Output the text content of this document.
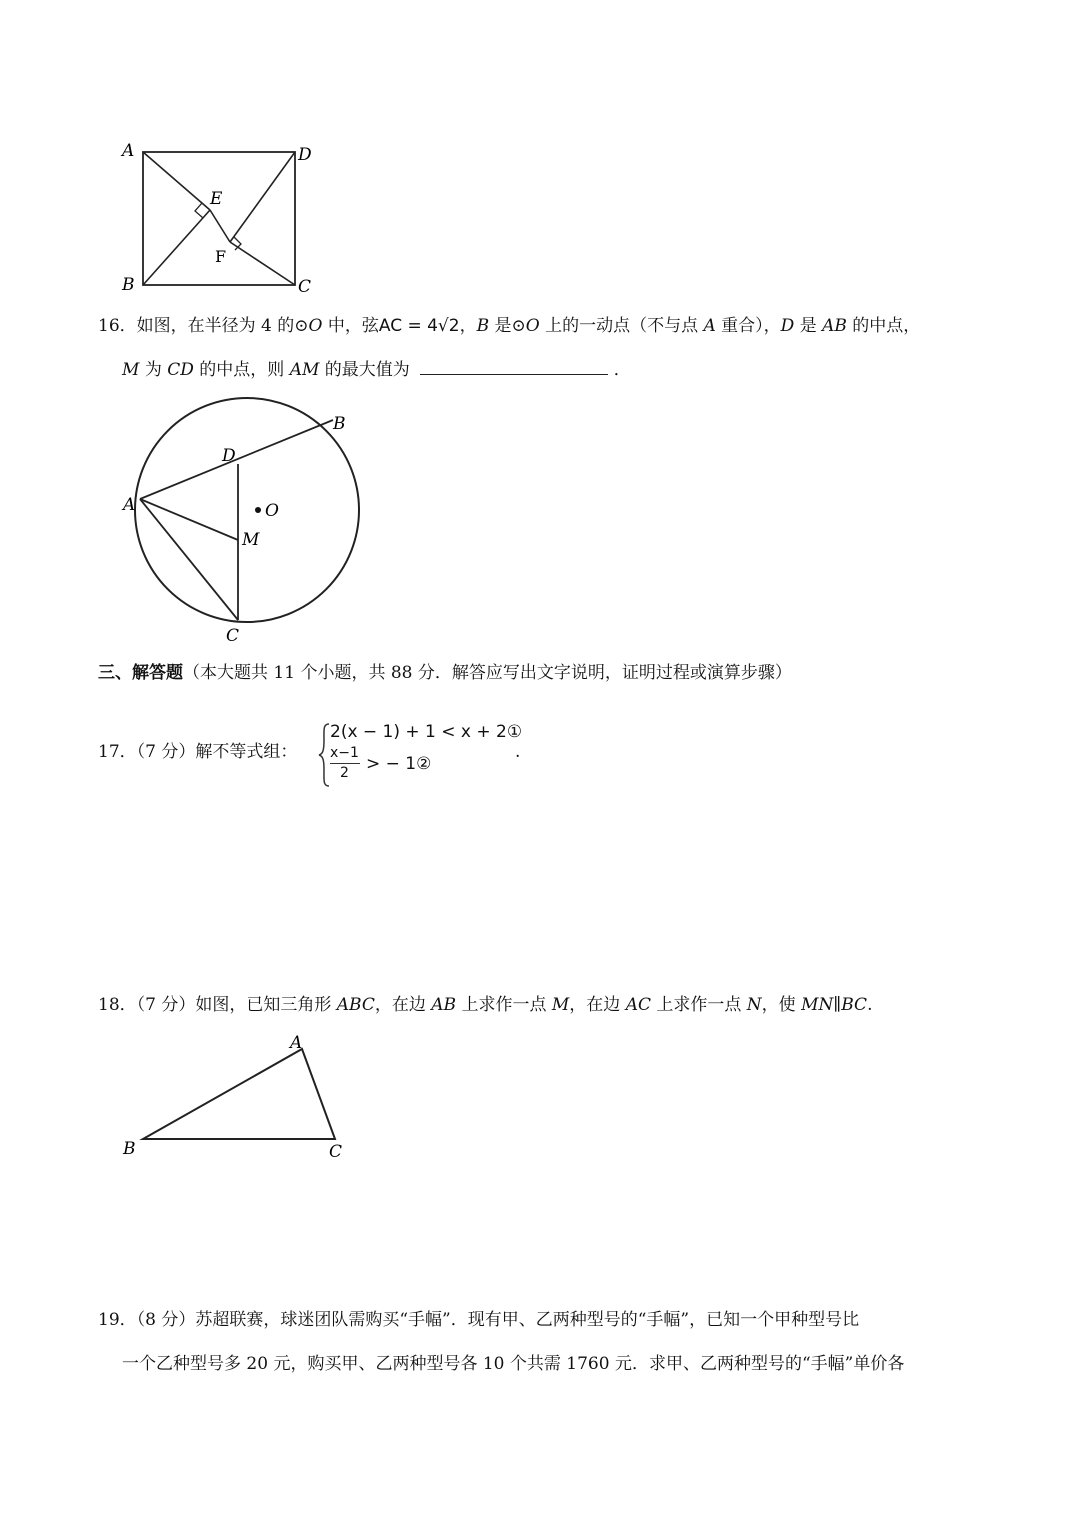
A	D
E
F
B	C
16．如图，在半径为 4 的⊙O 中，弦AC = 4√2，B 是⊙O 上的一动点（不与点 A 重合），D 是 AB 的中点，
M 为 CD 的中点，则 AM 的最大值为	．
A
B
D
O
M
C
三、解答题（本大题共 11 个小题，共 88 分．解答应写出文字说明，证明过程或演算步骤）
17．（7 分）解不等式组：
2(x − 1) + 1 < x + 2①
x−1
2 > − 1②
.
18．（7 分）如图，已知三角形 ABC，在边 AB 上求作一点 M，在边 AC 上求作一点 N，使 MN∥BC.
A
B	C
19．（8 分）苏超联赛，球迷团队需购买“手幅”．现有甲、乙两种型号的“手幅”，已知一个甲种型号比
一个乙种型号多 20 元，购买甲、乙两种型号各 10 个共需 1760 元．求甲、乙两种型号的“手幅”单价各
